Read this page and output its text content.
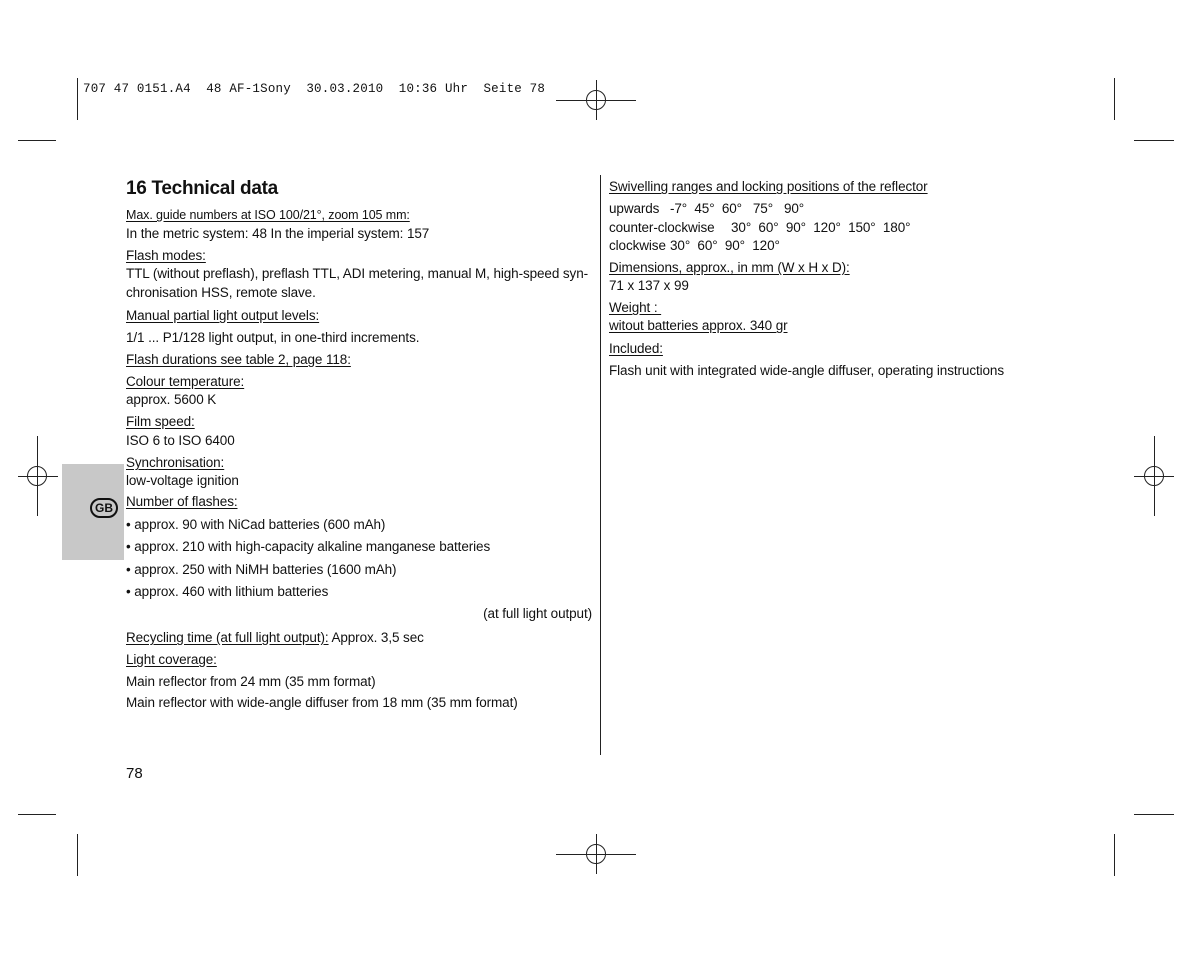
707 47 0151.A4  48 AF-1Sony  30.03.2010  10:36 Uhr  Seite 78
GB
16 Technical data
Max. guide numbers at ISO 100/21°, zoom 105 mm:
In the metric system: 48 In the imperial system: 157
Flash modes:
TTL (without preflash), preflash TTL, ADI metering, manual M, high-speed syn-
chronisation HSS, remote slave.
Manual partial light output levels:
1/1 ... P1/128 light output, in one-third increments.
Flash durations see table 2, page 118:
Colour temperature:
approx. 5600 K
Film speed:
ISO 6 to ISO 6400
Synchronisation:
low-voltage ignition
Number of flashes:
• approx. 90 with NiCad batteries (600 mAh)
• approx. 210 with high-capacity alkaline manganese batteries
• approx. 250 with NiMH batteries (1600 mAh)
• approx. 460 with lithium batteries
(at full light output)
Recycling time (at full light output): Approx. 3,5 sec
Light coverage:
Main reflector from 24 mm (35 mm format)
Main reflector with wide-angle diffuser from 18 mm (35 mm format)
Swivelling ranges and locking positions of the reflector
upwards -7°  45°  60°   75°   90°
counter-clockwise 30°  60°  90°  120°  150°  180°
clockwise 30°  60°  90°  120°
Dimensions, approx., in mm (W x H x D):
71 x 137 x 99
Weight :
witout batteries approx. 340 gr
Included:
Flash unit with integrated wide-angle diffuser, operating instructions
78
